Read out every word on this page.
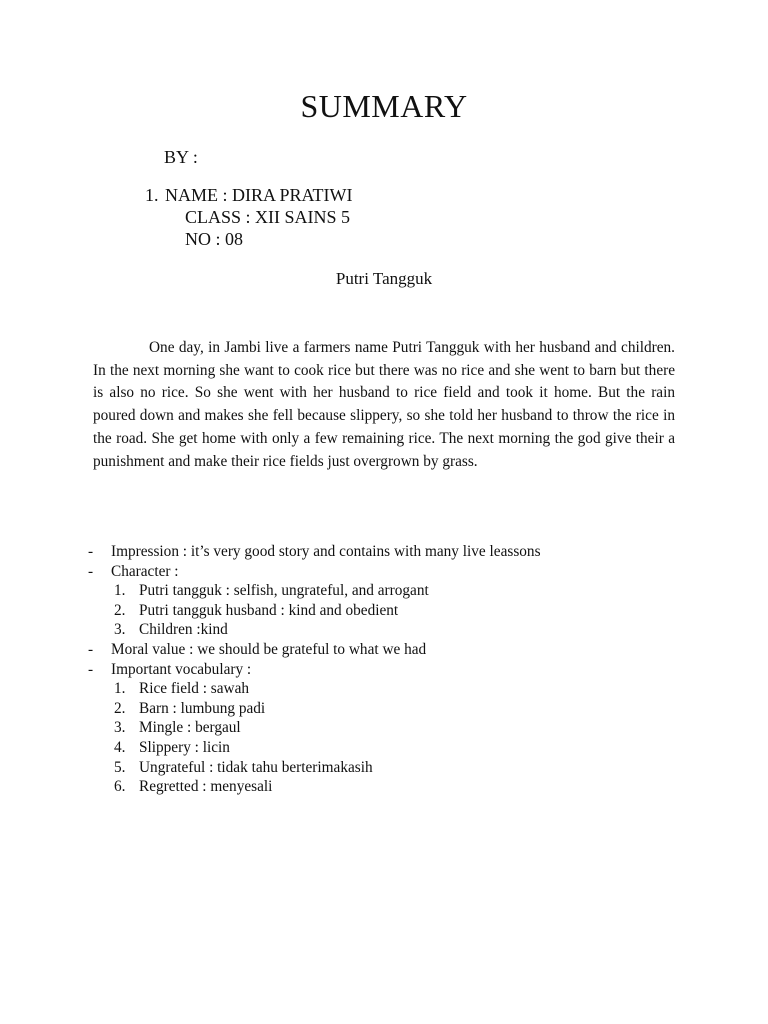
SUMMARY
BY :
1. NAME : DIRA PRATIWI
CLASS : XII SAINS 5
NO : 08
Putri Tangguk

One day, in Jambi live a farmers name Putri Tangguk with her husband and children. In the next morning she want to cook rice but there was no rice and she went to barn but there is also no rice. So she went with her husband to rice field and took it home. But the rain poured down and makes she fell because slippery, so she told her husband to throw the rice in the road. She get home with only a few remaining rice. The next morning the god give their a punishment and make their rice fields just overgrown by grass.

- Impression : it’s very good story and contains with many live leassons
- Character :
1. Putri tangguk : selfish, ungrateful, and arrogant
2. Putri tangguk husband : kind and obedient
3. Children :kind
- Moral value : we should be grateful to what we had
- Important vocabulary :
1. Rice field : sawah
2. Barn : lumbung padi
3. Mingle : bergaul
4. Slippery : licin
5. Ungrateful : tidak tahu berterimakasih
6. Regretted : menyesali
